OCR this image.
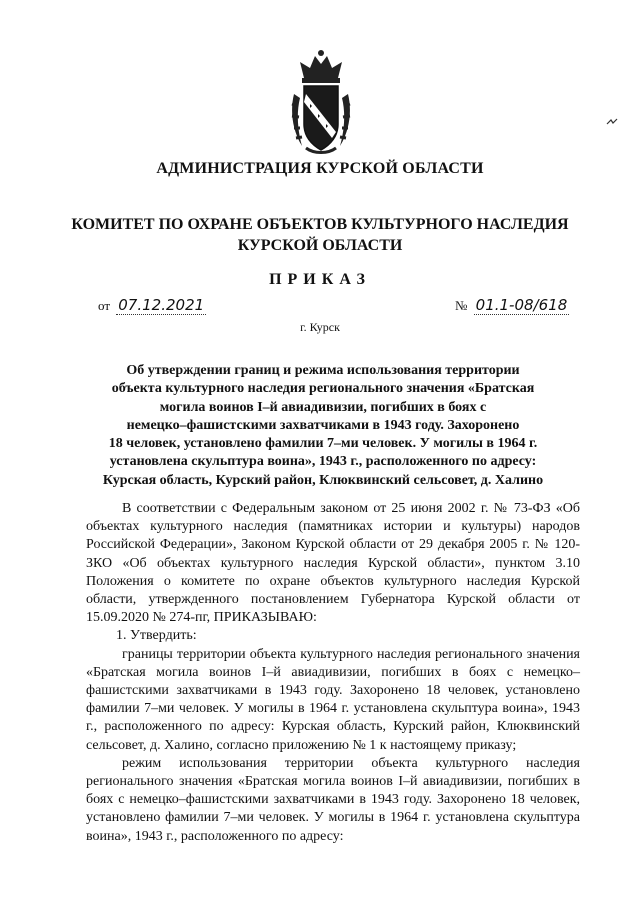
АДМИНИСТРАЦИЯ КУРСКОЙ ОБЛАСТИ
КОМИТЕТ ПО ОХРАНЕ ОБЪЕКТОВ КУЛЬТУРНОГО НАСЛЕДИЯ
КУРСКОЙ ОБЛАСТИ
ПРИКАЗ
от 07.12.2021	№ 01.1-08/618
г. Курск
Об утверждении границ и режима использования территории
объекта культурного наследия регионального значения «Братская
могила воинов I–й авиадивизии, погибших в боях с
немецко–фашистскими захватчиками в 1943 году. Захоронено
18 человек, установлено фамилии 7–ми человек. У могилы в 1964 г.
установлена скульптура воина», 1943 г., расположенного по адресу:
Курская область, Курский район, Клюквинский сельсовет, д. Халино

В соответствии с Федеральным законом от 25 июня 2002 г. № 73-ФЗ «Об объектах культурного наследия (памятниках истории и культуры) народов Российской Федерации», Законом Курской области от 29 декабря 2005 г. № 120-ЗКО «Об объектах культурного наследия Курской области», пунктом 3.10 Положения о комитете по охране объектов культурного наследия Курской области, утвержденного постановлением Губернатора Курской области от 15.09.2020 № 274-пг, ПРИКАЗЫВАЮ:

1. Утвердить:

границы территории объекта культурного наследия регионального значения «Братская могила воинов I–й авиадивизии, погибших в боях с немецко–фашистскими захватчиками в 1943 году. Захоронено 18 человек, установлено фамилии 7–ми человек. У могилы в 1964 г. установлена скульптура воина», 1943 г., расположенного по адресу: Курская область, Курский район, Клюквинский сельсовет, д. Халино, согласно приложению № 1 к настоящему приказу;

режим использования территории объекта культурного наследия регионального значения «Братская могила воинов I–й авиадивизии, погибших в боях с немецко–фашистскими захватчиками в 1943 году. Захоронено 18 человек, установлено фамилии 7–ми человек. У могилы в 1964 г. установлена скульптура воина», 1943 г., расположенного по адресу:
